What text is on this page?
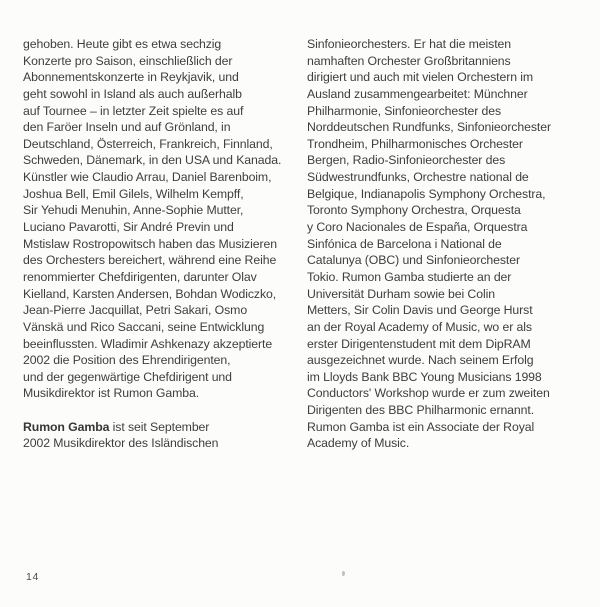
gehoben. Heute gibt es etwa sechzig
Konzerte pro Saison, einschließlich der
Abonnementskonzerte in Reykjavik, und
geht sowohl in Island als auch außerhalb
auf Tournee – in letzter Zeit spielte es auf
den Faröer Inseln und auf Grönland, in
Deutschland, Österreich, Frankreich, Finnland,
Schweden, Dänemark, in den USA und Kanada.
Künstler wie Claudio Arrau, Daniel Barenboim,
Joshua Bell, Emil Gilels, Wilhelm Kempff,
Sir Yehudi Menuhin, Anne-Sophie Mutter,
Luciano Pavarotti, Sir André Previn und
Mstislaw Rostropowitsch haben das Musizieren
des Orchesters bereichert, während eine Reihe
renommierter Chefdirigenten, darunter Olav
Kielland, Karsten Andersen, Bohdan Wodiczko,
Jean-Pierre Jacquillat, Petri Sakari, Osmo
Vänskä und Rico Saccani, seine Entwicklung
beeinflussten. Wladimir Ashkenazy akzeptierte
2002 die Position des Ehrendirigenten,
und der gegenwärtige Chefdirigent und
Musikdirektor ist Rumon Gamba.
Rumon Gamba ist seit September
2002 Musikdirektor des Isländischen
Sinfonieorchesters. Er hat die meisten
namhaften Orchester Großbritanniens
dirigiert und auch mit vielen Orchestern im
Ausland zusammengearbeitet: Münchner
Philharmonie, Sinfonieorchester des
Norddeutschen Rundfunks, Sinfonieorchester
Trondheim, Philharmonisches Orchester
Bergen, Radio-Sinfonieorchester des
Südwestrundfunks, Orchestre national de
Belgique, Indianapolis Symphony Orchestra,
Toronto Symphony Orchestra, Orquesta
y Coro Nacionales de España, Orquestra
Sinfónica de Barcelona i National de
Catalunya (OBC) und Sinfonieorchester
Tokio. Rumon Gamba studierte an der
Universität Durham sowie bei Colin
Metters, Sir Colin Davis und George Hurst
an der Royal Academy of Music, wo er als
erster Dirigentenstudent mit dem DipRAM
ausgezeichnet wurde. Nach seinem Erfolg
im Lloyds Bank BBC Young Musicians 1998
Conductors' Workshop wurde er zum zweiten
Dirigenten des BBC Philharmonic ernannt.
Rumon Gamba ist ein Associate der Royal
Academy of Music.
14
